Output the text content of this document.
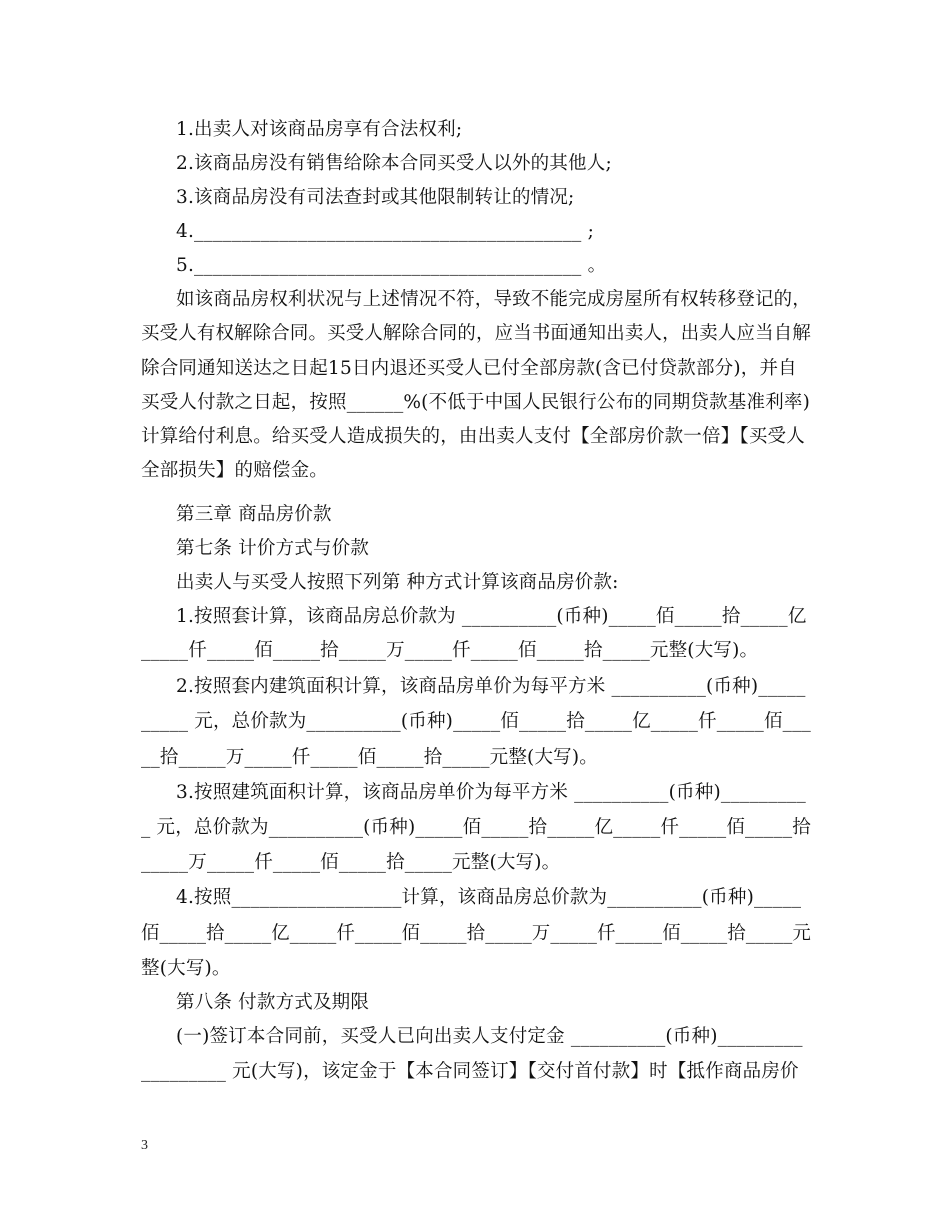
1.出卖人对该商品房享有合法权利;
2.该商品房没有销售给除本合同买受人以外的其他人;
3.该商品房没有司法查封或其他限制转让的情况;
4._________________________________________ ;
5._________________________________________ 。
如该商品房权利状况与上述情况不符，导致不能完成房屋所有权转移登记的，
买受人有权解除合同。买受人解除合同的，应当书面通知出卖人，出卖人应当自解
除合同通知送达之日起15日内退还买受人已付全部房款(含已付贷款部分)，并自
买受人付款之日起，按照______%(不低于中国人民银行公布的同期贷款基准利率)
计算给付利息。给买受人造成损失的，由出卖人支付【全部房价款一倍】【买受人
全部损失】的赔偿金。
第三章 商品房价款
第七条 计价方式与价款
出卖人与买受人按照下列第 种方式计算该商品房价款:
1.按照套计算，该商品房总价款为 __________(币种)_____佰_____拾_____亿
_____仟_____佰_____拾_____万_____仟_____佰_____拾_____元整(大写)。
2.按照套内建筑面积计算，该商品房单价为每平方米 __________(币种)_____
_____ 元，总价款为__________(币种)_____佰_____拾_____亿_____仟_____佰___
__拾_____万_____仟_____佰_____拾_____元整(大写)。
3.按照建筑面积计算，该商品房单价为每平方米 __________(币种)_________
_ 元，总价款为__________(币种)_____佰_____拾_____亿_____仟_____佰_____拾
_____万_____仟_____佰_____拾_____元整(大写)。
4.按照__________________计算，该商品房总价款为__________(币种)_____
佰_____拾_____亿_____仟_____佰_____拾_____万_____仟_____佰_____拾_____元
整(大写)。
第八条 付款方式及期限
(一)签订本合同前，买受人已向出卖人支付定金 __________(币种)_________
_________ 元(大写)，该定金于【本合同签订】【交付首付款】时【抵作商品房价
3
